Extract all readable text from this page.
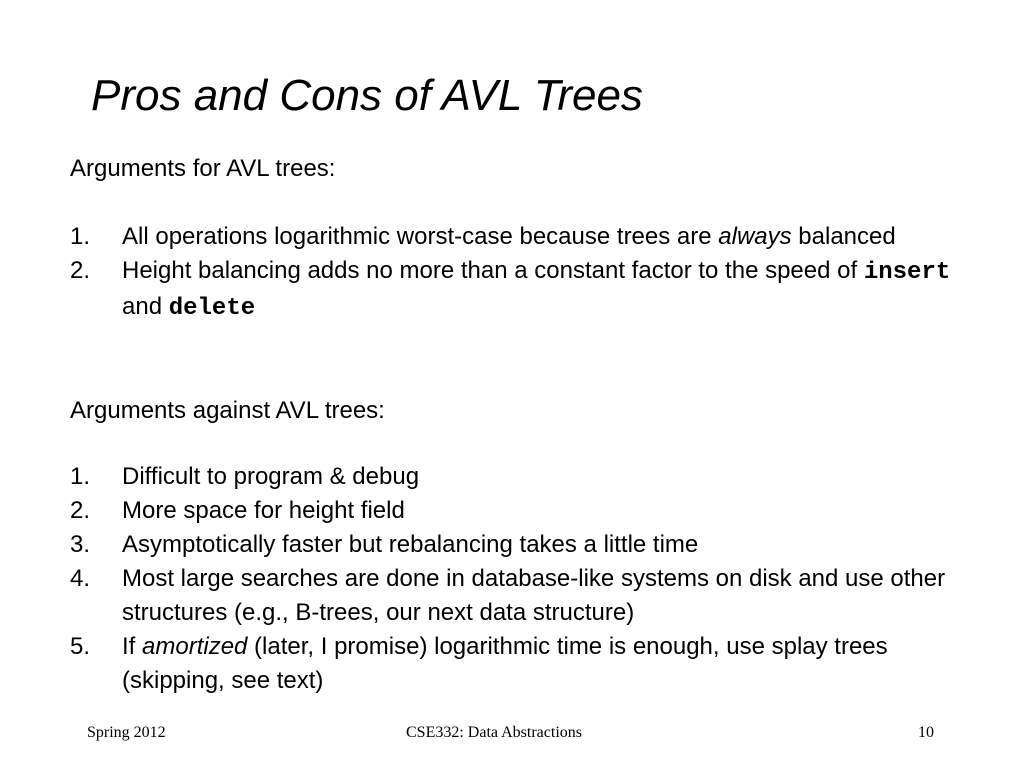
Pros and Cons of AVL Trees
Arguments for AVL trees:
1. All operations logarithmic worst-case because trees are always balanced
2. Height balancing adds no more than a constant factor to the speed of insert and delete
Arguments against AVL trees:
1. Difficult to program & debug
2. More space for height field
3. Asymptotically faster but rebalancing takes a little time
4. Most large searches are done in database-like systems on disk and use other structures (e.g., B-trees, our next data structure)
5. If amortized (later, I promise) logarithmic time is enough, use splay trees (skipping, see text)
Spring 2012	CSE332: Data Abstractions	10
